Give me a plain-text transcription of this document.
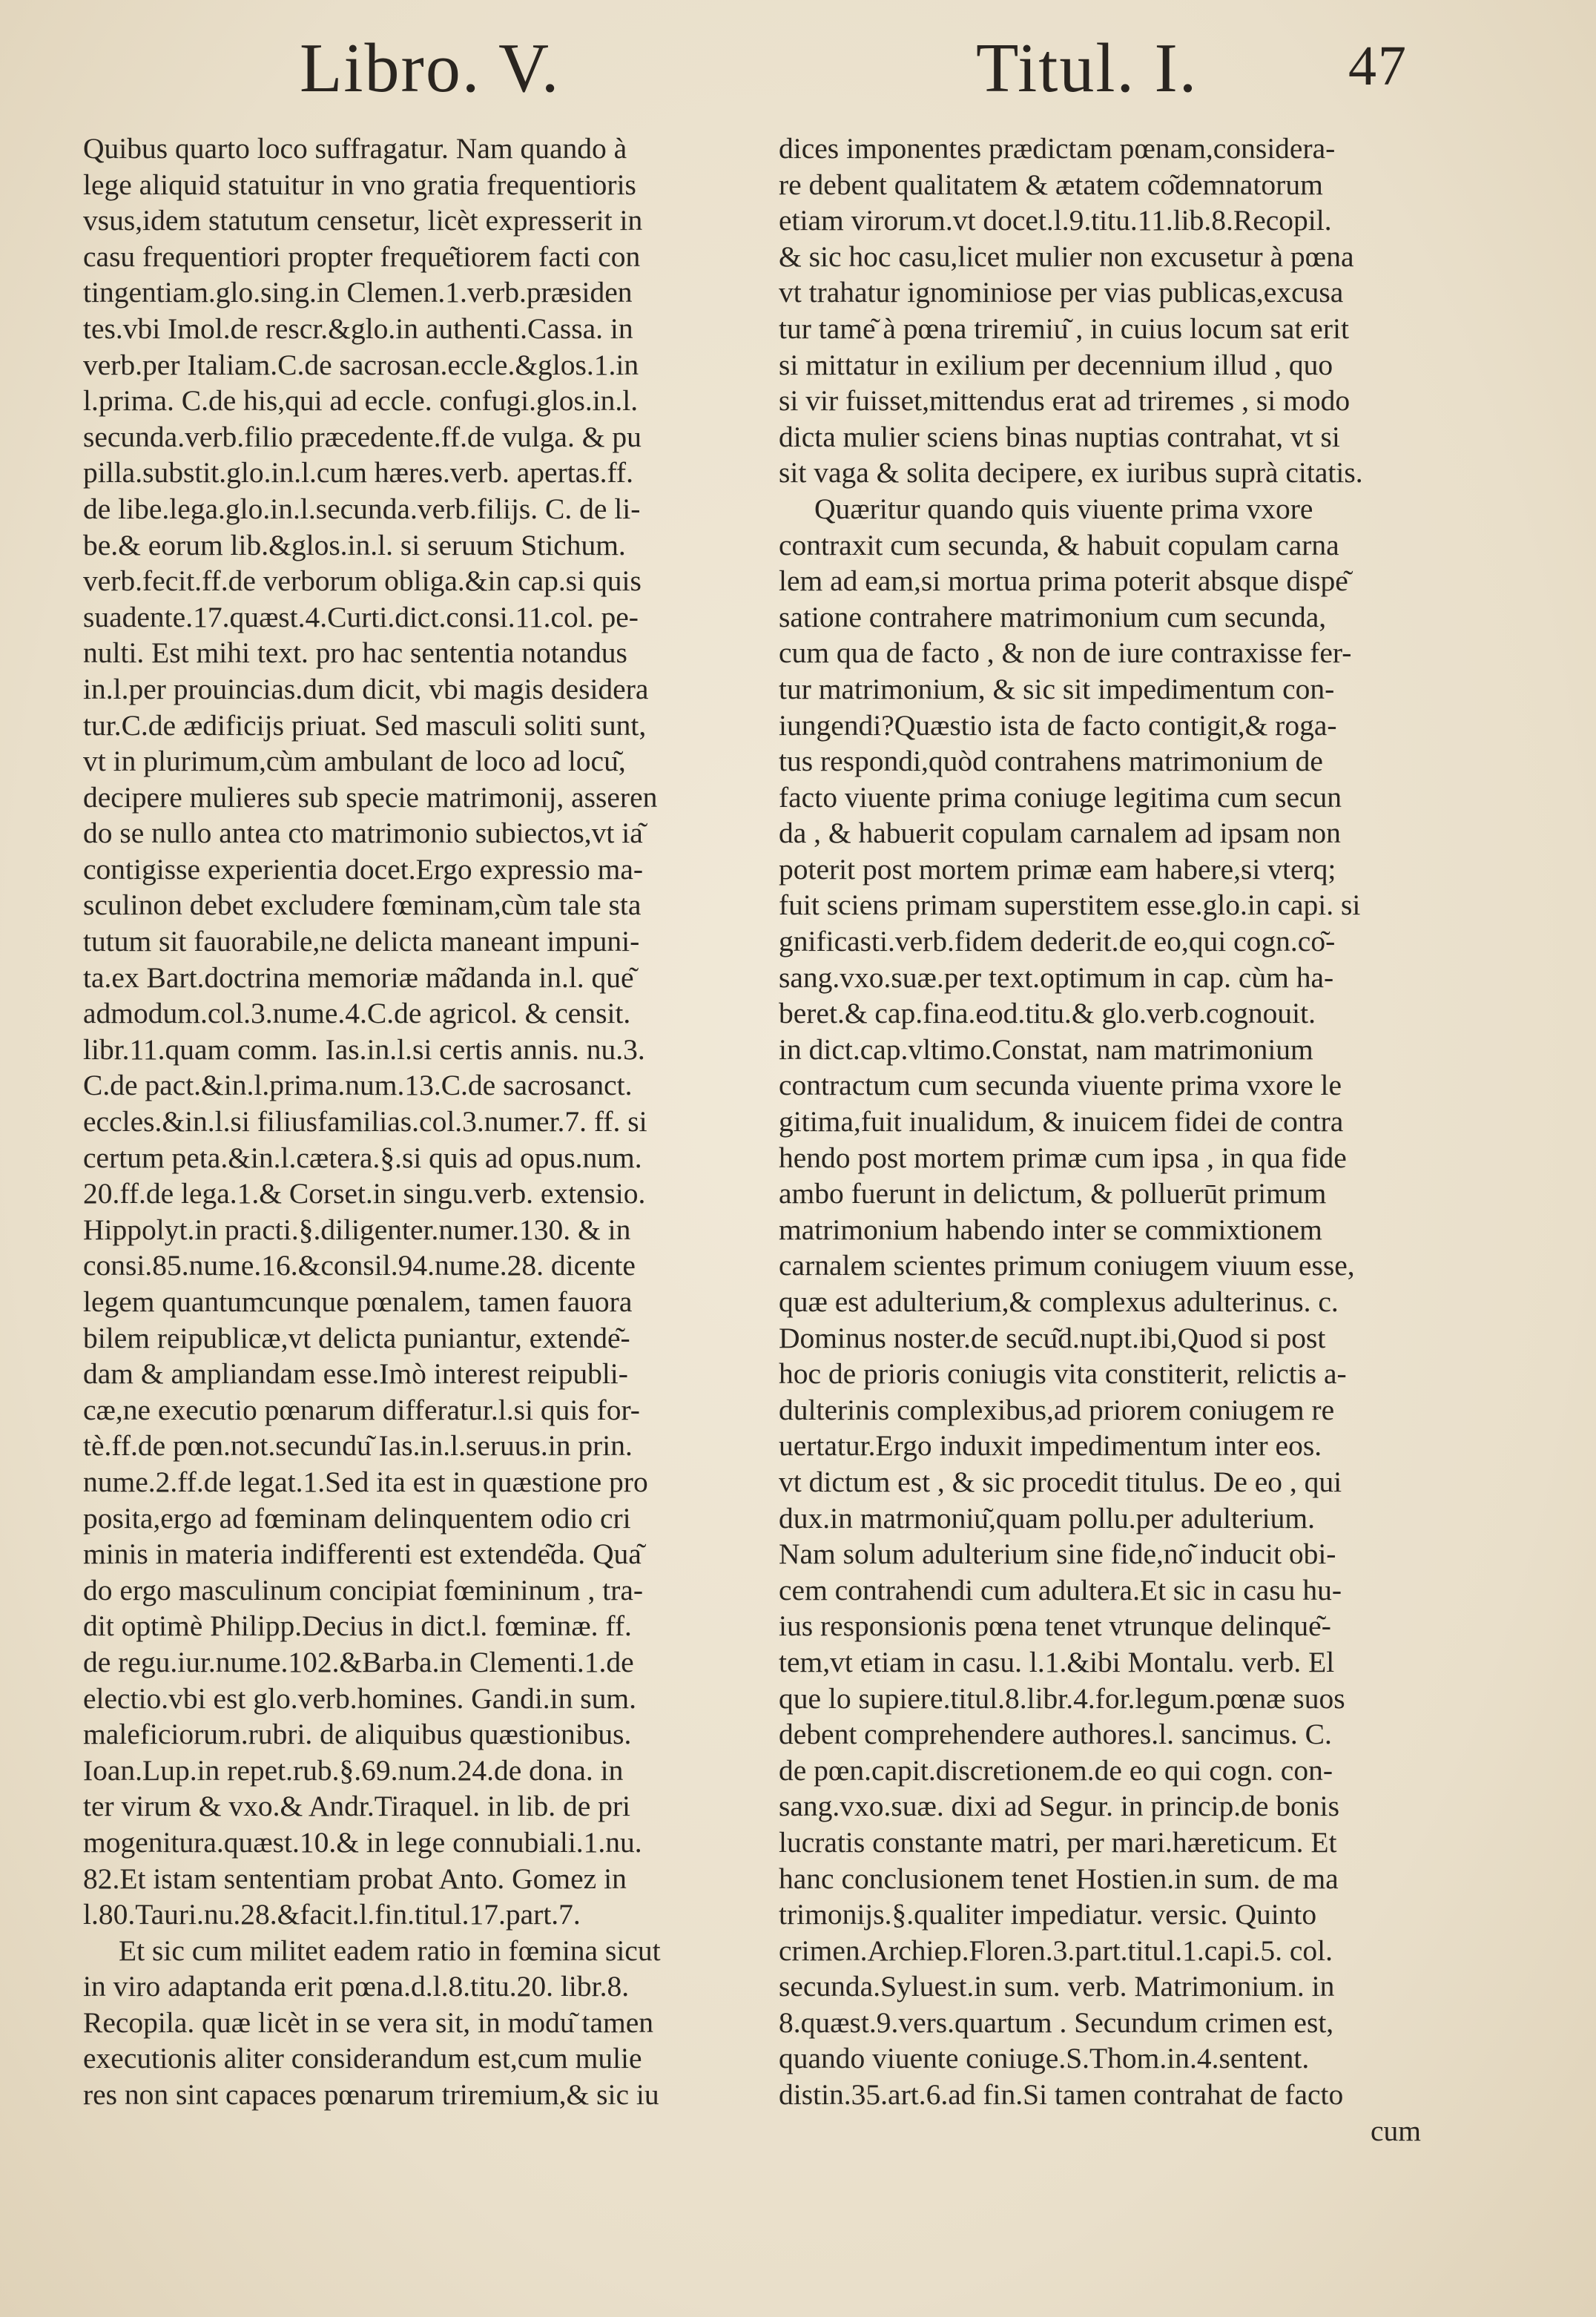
Libro. V.	Titul. I.	47
Quibus quarto loco suffragatur. Nam quando à
lege aliquid statuitur in vno gratia frequentioris
vsus,idem statutum censetur, licèt expresserit in
casu frequentiori propter freque͂tiorem facti con
tingentiam.glo.sing.in Clemen.1.verb.præsiden
tes.vbi Imol.de rescr.&glo.in authenti.Cassa. in
verb.per Italiam.C.de sacrosan.eccle.&glos.1.in
l.prima. C.de his,qui ad eccle. confugi.glos.in.l.
secunda.verb.filio præcedente.ff.de vulga. & pu
pilla.substit.glo.in.l.cum hæres.verb. apertas.ff.
de libe.lega.glo.in.l.secunda.verb.filijs. C. de li-
be.& eorum lib.&glos.in.l. si seruum Stichum.
verb.fecit.ff.de verborum obliga.&in cap.si quis
suadente.17.quæst.4.Curti.dict.consi.11.col. pe-
nulti. Est mihi text. pro hac sententia notandus
in.l.per prouincias.dum dicit, vbi magis desidera
tur.C.de ædificijs priuat. Sed masculi soliti sunt,
vt in plurimum,cùm ambulant de loco ad locu͂,
decipere mulieres sub specie matrimonij, asseren
do se nullo antea cto matrimonio subiectos,vt ia͂
contigisse experientia docet.Ergo expressio ma-
sculinon debet excludere fœminam,cùm tale sta
tutum sit fauorabile,ne delicta maneant impuni-
ta.ex Bart.doctrina memoriæ ma͂danda in.l. que͂
admodum.col.3.nume.4.C.de agricol. & censit.
libr.11.quam comm. Ias.in.l.si certis annis. nu.3.
C.de pact.&in.l.prima.num.13.C.de sacrosanct.
eccles.&in.l.si filiusfamilias.col.3.numer.7. ff. si
certum peta.&in.l.cætera.§.si quis ad opus.num.
20.ff.de lega.1.& Corset.in singu.verb. extensio.
Hippolyt.in practi.§.diligenter.numer.130. & in
consi.85.nume.16.&consil.94.nume.28. dicente
legem quantumcunque pœnalem, tamen fauora
bilem reipublicæ,vt delicta puniantur, extende͂-
dam & ampliandam esse.Imò interest reipubli-
cæ,ne executio pœnarum differatur.l.si quis for-
tè.ff.de pœn.not.secundu͂ Ias.in.l.seruus.in prin.
nume.2.ff.de legat.1.Sed ita est in quæstione pro
posita,ergo ad fœminam delinquentem odio cri
minis in materia indifferenti est extende͂da. Qua͂
do ergo masculinum concipiat fœmininum , tra-
dit optimè Philipp.Decius in dict.l. fœminæ. ff.
de regu.iur.nume.102.&Barba.in Clementi.1.de
electio.vbi est glo.verb.homines. Gandi.in sum.
maleficiorum.rubri. de aliquibus quæstionibus.
Ioan.Lup.in repet.rub.§.69.num.24.de dona. in
ter virum & vxo.& Andr.Tiraquel. in lib. de pri
mogenitura.quæst.10.& in lege connubiali.1.nu.
82.Et istam sententiam probat Anto. Gomez in
l.80.Tauri.nu.28.&facit.l.fin.titul.17.part.7.
Et sic cum militet eadem ratio in fœmina sicut
in viro adaptanda erit pœna.d.l.8.titu.20. libr.8.
Recopila. quæ licèt in se vera sit, in modu͂ tamen
executionis aliter considerandum est,cum mulie
res non sint capaces pœnarum triremium,& sic iu
dices imponentes prædictam pœnam,considera-
re debent qualitatem & ætatem co͂demnatorum
etiam virorum.vt docet.l.9.titu.11.lib.8.Recopil.
& sic hoc casu,licet mulier non excusetur à pœna
vt trahatur ignominiose per vias publicas,excusa
tur tame͂ à pœna triremiu͂ , in cuius locum sat erit
si mittatur in exilium per decennium illud , quo
si vir fuisset,mittendus erat ad triremes , si modo
dicta mulier sciens binas nuptias contrahat, vt si
sit vaga & solita decipere, ex iuribus suprà citatis.
Quæritur quando quis viuente prima vxore
contraxit cum secunda, & habuit copulam carna
lem ad eam,si mortua prima poterit absque dispe͂
satione contrahere matrimonium cum secunda,
cum qua de facto , & non de iure contraxisse fer-
tur matrimonium, & sic sit impedimentum con-
iungendi?Quæstio ista de facto contigit,& roga-
tus respondi,quòd contrahens matrimonium de
facto viuente prima coniuge legitima cum secun
da , & habuerit copulam carnalem ad ipsam non
poterit post mortem primæ eam habere,si vterq;
fuit sciens primam superstitem esse.glo.in capi. si
gnificasti.verb.fidem dederit.de eo,qui cogn.co͂-
sang.vxo.suæ.per text.optimum in cap. cùm ha-
beret.& cap.fina.eod.titu.& glo.verb.cognouit.
in dict.cap.vltimo.Constat, nam matrimonium
contractum cum secunda viuente prima vxore le
gitima,fuit inualidum, & inuicem fidei de contra
hendo post mortem primæ cum ipsa , in qua fide
ambo fuerunt in delictum, & polluerūt primum
matrimonium habendo inter se commixtionem
carnalem scientes primum coniugem viuum esse,
quæ est adulterium,& complexus adulterinus. c.
Dominus noster.de secu͂d.nupt.ibi,Quod si post
hoc de prioris coniugis vita constiterit, relictis a-
dulterinis complexibus,ad priorem coniugem re
uertatur.Ergo induxit impedimentum inter eos.
vt dictum est , & sic procedit titulus. De eo , qui
dux.in matrmoniu͂,quam pollu.per adulterium.
Nam solum adulterium sine fide,no͂ inducit obi-
cem contrahendi cum adultera.Et sic in casu hu-
ius responsionis pœna tenet vtrunque delinque͂-
tem,vt etiam in casu. l.1.&ibi Montalu. verb. El
que lo supiere.titul.8.libr.4.for.legum.pœnæ suos
debent comprehendere authores.l. sancimus. C.
de pœn.capit.discretionem.de eo qui cogn. con-
sang.vxo.suæ. dixi ad Segur. in princip.de bonis
lucratis constante matri, per mari.hæreticum. Et
hanc conclusionem tenet Hostien.in sum. de ma
trimonijs.§.qualiter impediatur. versic. Quinto
crimen.Archiep.Floren.3.part.titul.1.capi.5. col.
secunda.Syluest.in sum. verb. Matrimonium. in
8.quæst.9.vers.quartum . Secundum crimen est,
quando viuente coniuge.S.Thom.in.4.sentent.
distin.35.art.6.ad fin.Si tamen contrahat de facto
cum
